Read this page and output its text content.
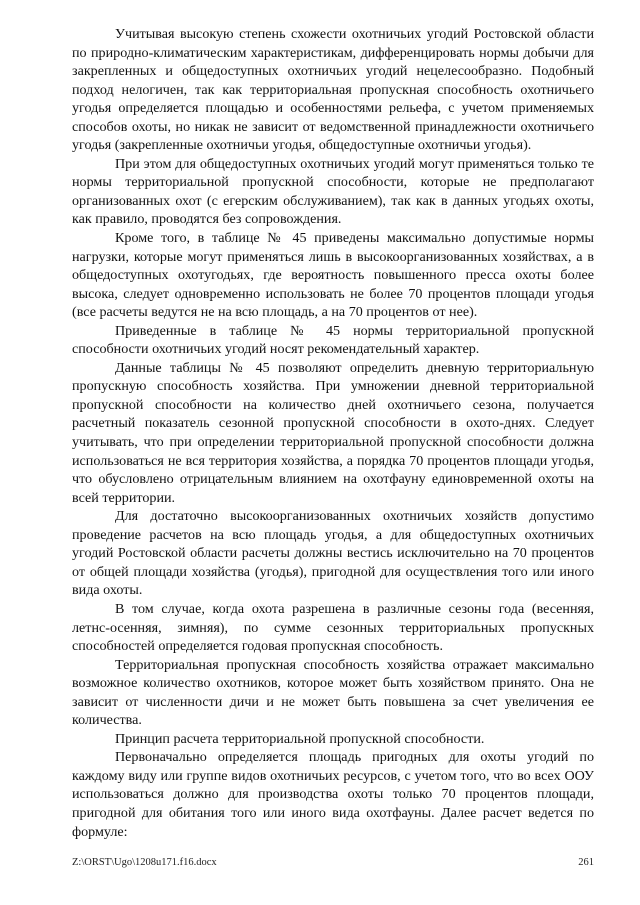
Учитывая высокую степень схожести охотничьих угодий Ростовской области по природно-климатическим характеристикам, дифференцировать нормы добычи для закрепленных и общедоступных охотничьих угодий нецелесообразно. Подобный подход нелогичен, так как территориальная пропускная способность охотничьего угодья определяется площадью и особенностями рельефа, с учетом применяемых способов охоты, но никак не зависит от ведомственной принадлежности охотничьего угодья (закрепленные охотничьи угодья, общедоступные охотничьи угодья).

При этом для общедоступных охотничьих угодий могут применяться только те нормы территориальной пропускной способности, которые не предполагают организованных охот (с егерским обслуживанием), так как в данных угодьях охоты, как правило, проводятся без сопровождения.

Кроме того, в таблице № 45 приведены максимально допустимые нормы нагрузки, которые могут применяться лишь в высокоорганизованных хозяйствах, а в общедоступных охотугодьях, где вероятность повышенного пресса охоты более высока, следует одновременно использовать не более 70 процентов площади угодья (все расчеты ведутся не на всю площадь, а на 70 процентов от нее).

Приведенные в таблице № 45 нормы территориальной пропускной способности охотничьих угодий носят рекомендательный характер.

Данные таблицы № 45 позволяют определить дневную территориальную пропускную способность хозяйства. При умножении дневной территориальной пропускной способности на количество дней охотничьего сезона, получается расчетный показатель сезонной пропускной способности в охото-днях. Следует учитывать, что при определении территориальной пропускной способности должна использоваться не вся территория хозяйства, а порядка 70 процентов площади угодья, что обусловлено отрицательным влиянием на охотфауну единовременной охоты на всей территории.

Для достаточно высокоорганизованных охотничьих хозяйств допустимо проведение расчетов на всю площадь угодья, а для общедоступных охотничьих угодий Ростовской области расчеты должны вестись исключительно на 70 процентов от общей площади хозяйства (угодья), пригодной для осуществления того или иного вида охоты.

В том случае, когда охота разрешена в различные сезоны года (весенняя, летнс-осенняя, зимняя), по сумме сезонных территориальных пропускных способностей определяется годовая пропускная способность.

Территориальная пропускная способность хозяйства отражает максимально возможное количество охотников, которое может быть хозяйством принято. Она не зависит от численности дичи и не может быть повышена за счет увеличения ее количества.

Принцип расчета территориальной пропускной способности.

Первоначально определяется площадь пригодных для охоты угодий по каждому виду или группе видов охотничьих ресурсов, с учетом того, что во всех ООУ использоваться должно для производства охоты только 70 процентов площади, пригодной для обитания того или иного вида охотфауны. Далее расчет ведется по формуле:

Z:\ORST\Ugo\1208u171.f16.docx	261
